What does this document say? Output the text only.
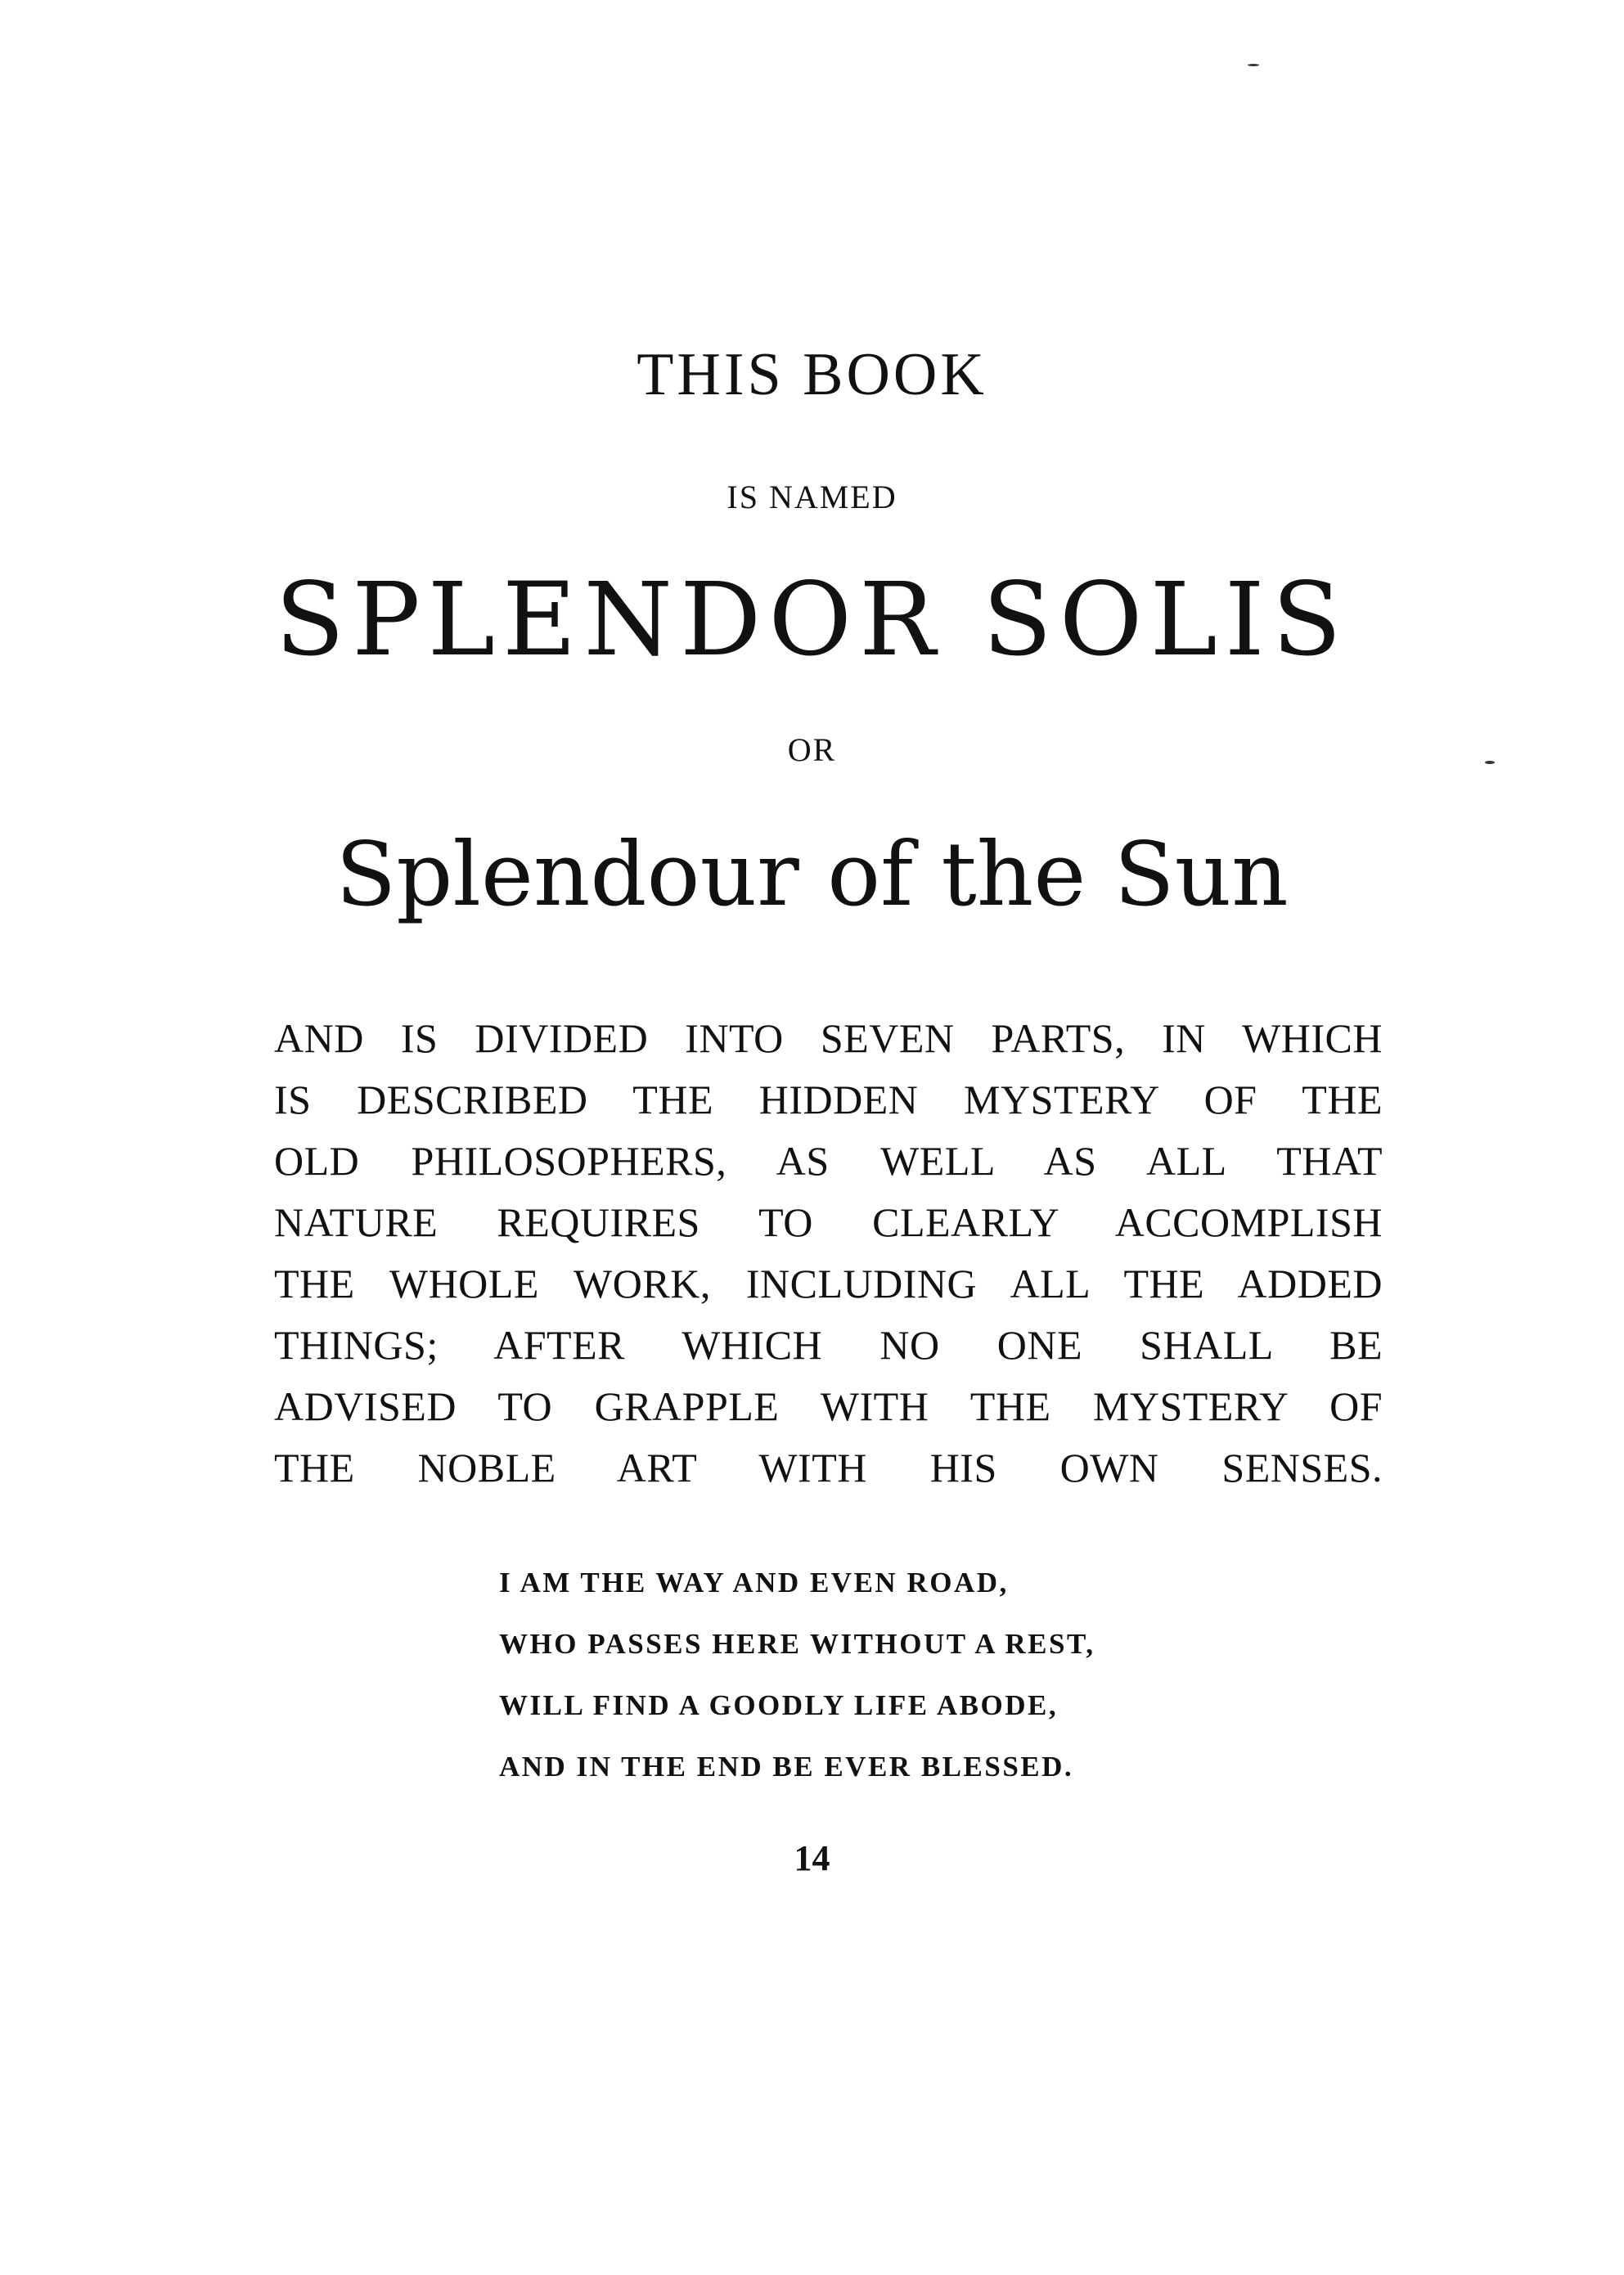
THIS BOOK
IS NAMED
SPLENDOR SOLIS
OR
Splendour of the Sun
AND IS DIVIDED INTO SEVEN PARTS, IN WHICH
IS DESCRIBED THE HIDDEN MYSTERY OF THE
OLD PHILOSOPHERS, AS WELL AS ALL THAT
NATURE REQUIRES TO CLEARLY ACCOMPLISH
THE WHOLE WORK, INCLUDING ALL THE ADDED
THINGS; AFTER WHICH NO ONE SHALL BE
ADVISED TO GRAPPLE WITH THE MYSTERY OF
THE NOBLE ART WITH HIS OWN SENSES.
I AM THE WAY AND EVEN ROAD,
WHO PASSES HERE WITHOUT A REST,
WILL FIND A GOODLY LIFE ABODE,
AND IN THE END BE EVER BLESSED.
14
